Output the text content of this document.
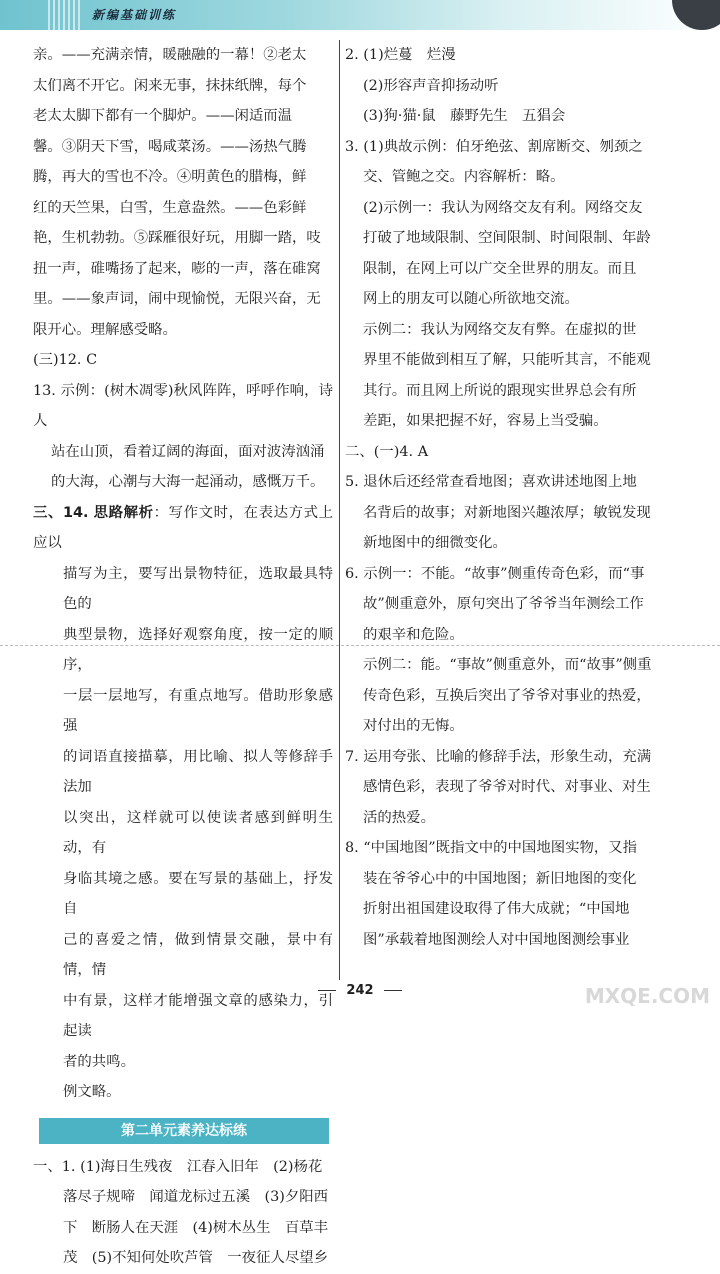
新编基础训练

亲。——充满亲情，暖融融的一幕！②老太

太们离不开它。闲来无事，抹抹纸牌，每个

老太太脚下都有一个脚炉。——闲适而温

馨。③阴天下雪，喝咸菜汤。——汤热气腾

腾，再大的雪也不冷。④明黄色的腊梅，鲜

红的天竺果，白雪，生意盎然。——色彩鲜

艳，生机勃勃。⑤踩雁很好玩，用脚一踏，吱

扭一声，碓嘴扬了起来，嘭的一声，落在碓窝

里。——象声词，闹中现愉悦，无限兴奋，无

限开心。理解感受略。

(三)12. C

13. 示例：(树木凋零)秋风阵阵，呼呼作响，诗人

站在山顶，看着辽阔的海面，面对波涛汹涌

的大海，心潮与大海一起涌动，感慨万千。

三、14. 思路解析：写作文时，在表达方式上应以

描写为主，要写出景物特征，选取最具特色的

典型景物，选择好观察角度，按一定的顺序，

一层一层地写，有重点地写。借助形象感强

的词语直接描摹，用比喻、拟人等修辞手法加

以突出，这样就可以使读者感到鲜明生动，有

身临其境之感。要在写景的基础上，抒发自

己的喜爱之情，做到情景交融，景中有情，情

中有景，这样才能增强文章的感染力，引起读

者的共鸣。

例文略。

第二单元素养达标练

一、1. (1)海日生残夜　江春入旧年　(2)杨花

落尽子规啼　闻道龙标过五溪　(3)夕阳西

下　断肠人在天涯　(4)树木丛生　百草丰

茂　(5)不知何处吹芦管　一夜征人尽望乡

2. (1)烂蔓　烂漫

(2)形容声音抑扬动听

(3)狗·猫·鼠　藤野先生　五猖会

3. (1)典故示例：伯牙绝弦、割席断交、刎颈之

交、管鲍之交。内容解析：略。

(2)示例一：我认为网络交友有利。网络交友

打破了地域限制、空间限制、时间限制、年龄

限制，在网上可以广交全世界的朋友。而且

网上的朋友可以随心所欲地交流。

示例二：我认为网络交友有弊。在虚拟的世

界里不能做到相互了解，只能听其言，不能观

其行。而且网上所说的跟现实世界总会有所

差距，如果把握不好，容易上当受骗。

二、(一)4. A

5. 退休后还经常查看地图；喜欢讲述地图上地

名背后的故事；对新地图兴趣浓厚；敏锐发现

新地图中的细微变化。

6. 示例一：不能。“故事”侧重传奇色彩，而“事

故”侧重意外，原句突出了爷爷当年测绘工作

的艰辛和危险。

示例二：能。“事故”侧重意外，而“故事”侧重

传奇色彩，互换后突出了爷爷对事业的热爱，

对付出的无悔。

7. 运用夸张、比喻的修辞手法，形象生动，充满

感情色彩，表现了爷爷对时代、对事业、对生

活的热爱。

8. “中国地图”既指文中的中国地图实物，又指

装在爷爷心中的中国地图；新旧地图的变化

折射出祖国建设取得了伟大成就；“中国地

图”承载着地图测绘人对中国地图测绘事业

242	MXQE.COM
